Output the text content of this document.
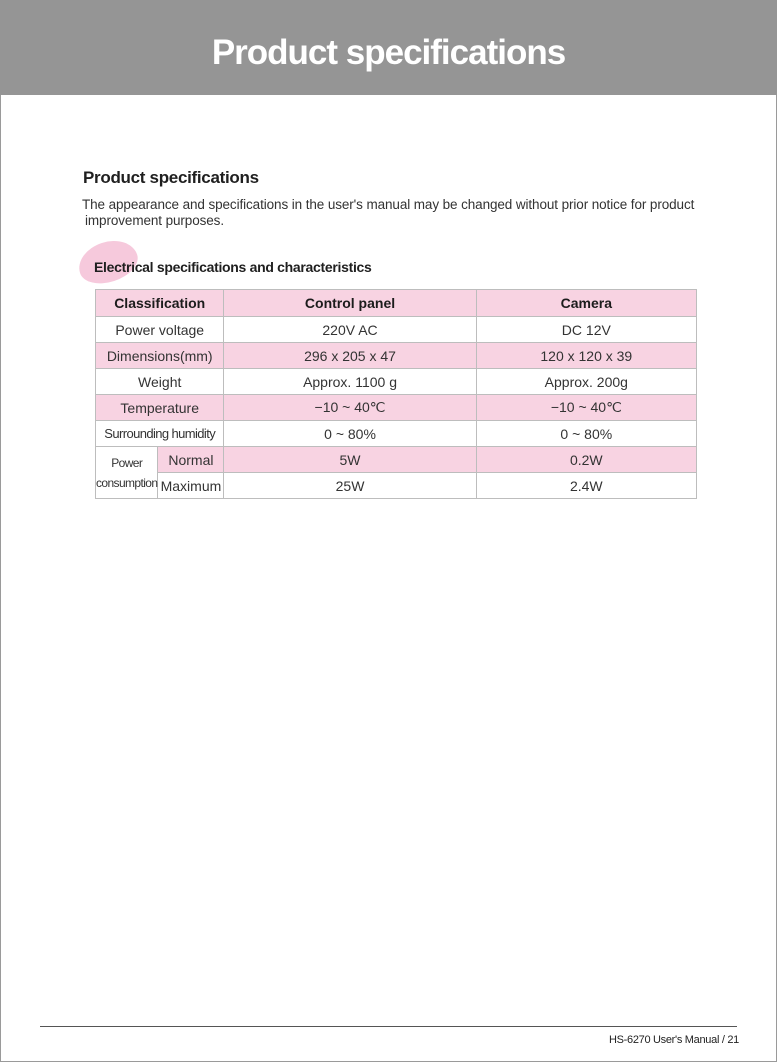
Product specifications
Product specifications
The appearance and specifications in the user's manual may be changed without prior notice for product
improvement purposes.
Electrical specifications and characteristics
Classification		Control panel	Camera
Power voltage		220V AC	DC 12V
Dimensions(mm)		296 x 205 x 47	120 x 120 x 39
Weight		Approx. 1100 g	Approx. 200g
Temperature		−10 ~ 40℃	−10 ~ 40℃
Surrounding humidity		0 ~ 80%	0 ~ 80%
Power
consumption	Normal	5W	0.2W
	Maximum	25W	2.4W
HS-6270 User's Manual / 21
